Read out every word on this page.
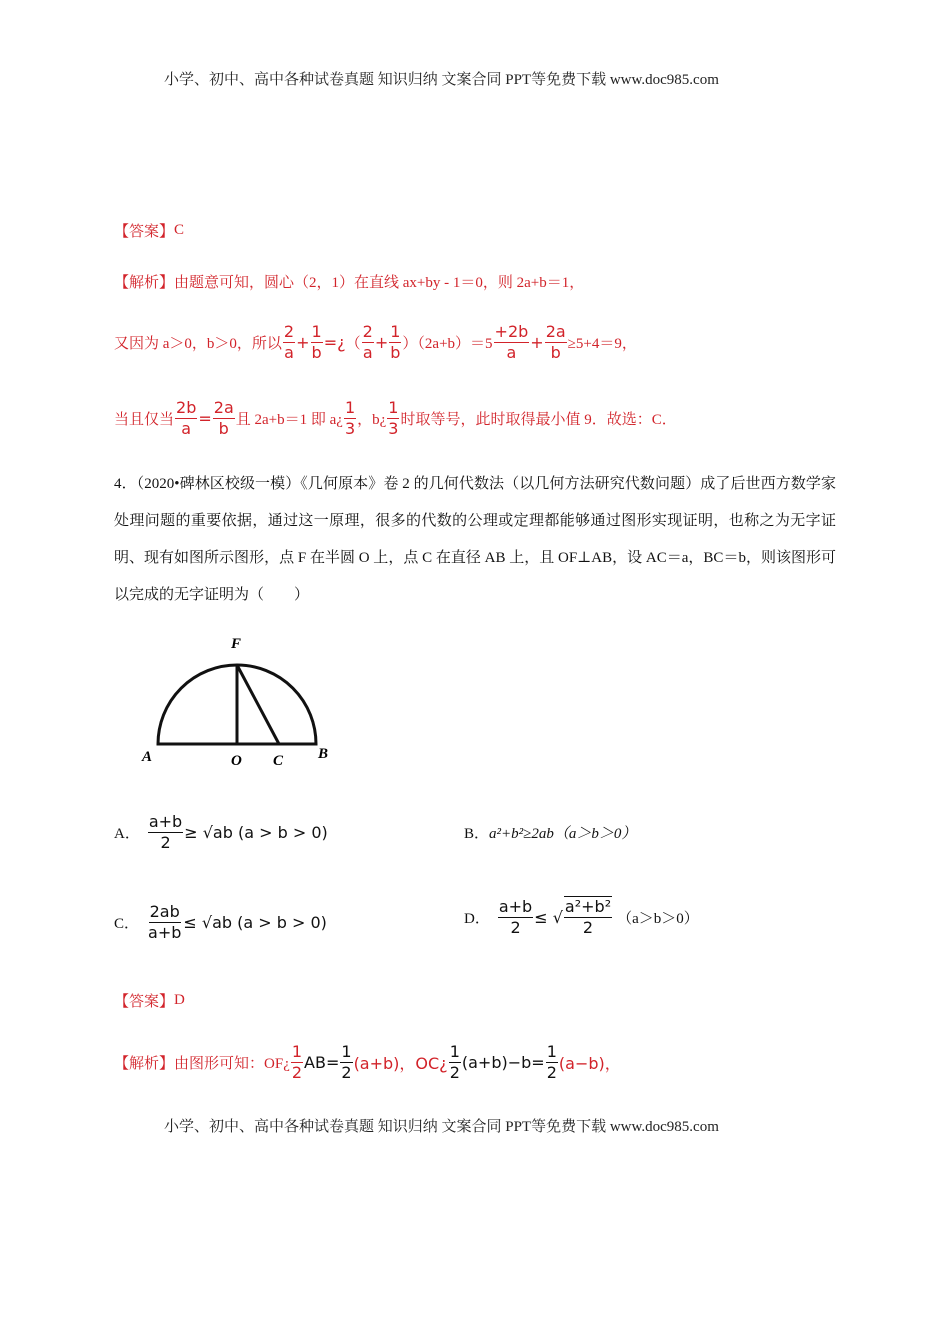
小学、初中、高中各种试卷真题 知识归纳 文案合同 PPT等免费下载 www.doc985.com
【答案】 C
【解析】 由题意可知，圆心（2，1）在直线 ax+by - 1＝0，则 2a+b＝1，
又因为 a＞0，b＞0，所以 $\frac{2}{a} + \frac{1}{b}$ =¿ （ $\frac{2}{a} + \frac{1}{b} )(2a+b)=5 \frac{+2b}{a} + \frac{2a}{b} \ge 5+4=9$，
当且仅当 $\frac{2b}{a} = \frac{2a}{b}$ 且 2a+b＝1 即 a¿ $\frac{1}{3}$ ，b¿ $\frac{1}{3}$ 时取等号，此时取得最小值 9．故选：C．
4．（2020•碑林区校级一模）《几何原本》卷 2 的几何代数法（以几何方法研究代数问题）成了后世西方数学家处理问题的重要依据，通过这一原理，很多的代数的公理或定理都能够通过图形实现证明，也称之为无字证明、现有如图所示图形，点 F 在半圆 O 上，点 C 在直径 AB 上，且 OF⊥AB，设 AC＝a，BC＝b，则该图形可以完成的无字证明为（　　）
F
A	O C B
A． $\frac{a+b}{2} \ge √ab$ (a > b > 0)	B． a²+b²≥2ab（a＞b＞0）
C． $\frac{2ab}{a+b} \le √ab$ (a > b > 0)	D． $\frac{a+b}{2}$ ≤ √ $\frac{\text{a²+b²}}{2} (a>b>0)$
【答案】 D
【解析】 由图形可知：OF¿ $\frac{1}{2} AB= \frac{1}{2} (a+b)$，OC¿ $\frac{1}{2} (a+b)-b= \frac{1}{2} (a-b)$，
小学、初中、高中各种试卷真题 知识归纳 文案合同 PPT等免费下载 www.doc985.com
